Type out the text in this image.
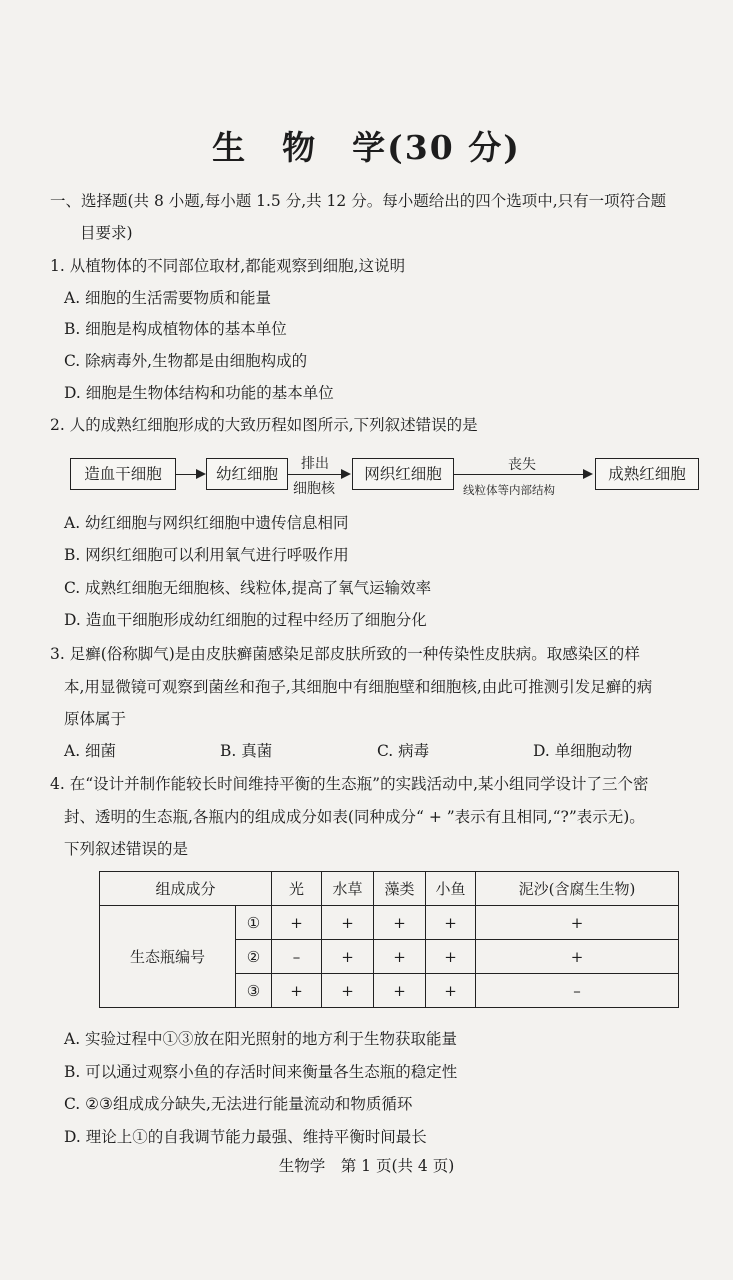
生　物　学(30 分)
一、选择题(共 8 小题,每小题 1.5 分,共 12 分。每小题给出的四个选项中,只有一项符合题
目要求)
1. 从植物体的不同部位取材,都能观察到细胞,这说明
A. 细胞的生活需要物质和能量
B. 细胞是构成植物体的基本单位
C. 除病毒外,生物都是由细胞构成的
D. 细胞是生物体结构和功能的基本单位
2. 人的成熟红细胞形成的大致历程如图所示,下列叙述错误的是
造血干细胞	幼红细胞
排出
细胞核
网织红细胞	丧失
线粒体等内部结构
成熟红细胞
A. 幼红细胞与网织红细胞中遗传信息相同
B. 网织红细胞可以利用氧气进行呼吸作用
C. 成熟红细胞无细胞核、线粒体,提高了氧气运输效率
D. 造血干细胞形成幼红细胞的过程中经历了细胞分化
3. 足癣(俗称脚气)是由皮肤癣菌感染足部皮肤所致的一种传染性皮肤病。取感染区的样
本,用显微镜可观察到菌丝和孢子,其细胞中有细胞壁和细胞核,由此可推测引发足癣的病
原体属于
A. 细菌	B. 真菌	C. 病毒	D. 单细胞动物
4. 在“设计并制作能较长时间维持平衡的生态瓶”的实践活动中,某小组同学设计了三个密
封、透明的生态瓶,各瓶内的组成成分如表(同种成分“ + ”表示有且相同,“?”表示无)。
下列叙述错误的是
组成成分		光	水草	藻类	小鱼	泥沙(含腐生生物)
生态瓶编号	①	+	+	+	+	+
	②	–	+	+	+	+
	③	+	+	+	+	–
A. 实验过程中①③放在阳光照射的地方利于生物获取能量
B. 可以通过观察小鱼的存活时间来衡量各生态瓶的稳定性
C. ②③组成成分缺失,无法进行能量流动和物质循环
D. 理论上①的自我调节能力最强、维持平衡时间最长
生物学　第 1 页(共 4 页)
